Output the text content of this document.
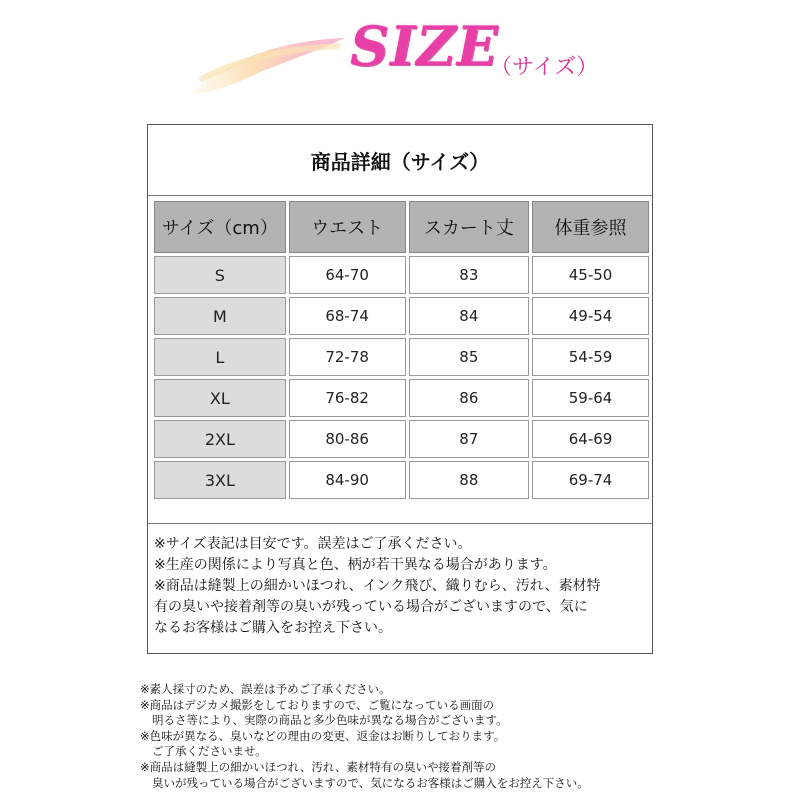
SIZE
（サイズ）
商品詳細（サイズ）
サイズ（cm）	ウエスト	スカート丈	体重参照
S	64-70	83	45-50
M	68-74	84	49-54
L	72-78	85	54-59
XL	76-82	86	59-64
2XL	80-86	87	64-69
3XL	84-90	88	69-74
※サイズ表記は目安です。誤差はご了承ください。
※生産の関係により写真と色、柄が若干異なる場合があります。
※商品は縫製上の細かいほつれ、インク飛び、織りむら、汚れ、素材特
有の臭いや接着剤等の臭いが残っている場合がございますので、気に
なるお客様はご購入をお控え下さい。
※素人採寸のため、誤差は予めご了承ください。
※商品はデジカメ撮影をしておりますので、ご覧になっている画面の
明るさ等により、実際の商品と多少色味が異なる場合がございます。
※色味が異なる、臭いなどの理由の変更、返金はお断りしております。
ご了承くださいませ。
※商品は縫製上の細かいほつれ、汚れ、素材特有の臭いや接着剤等の
臭いが残っている場合がございますので、気になるお客様はご購入をお控え下さい。
